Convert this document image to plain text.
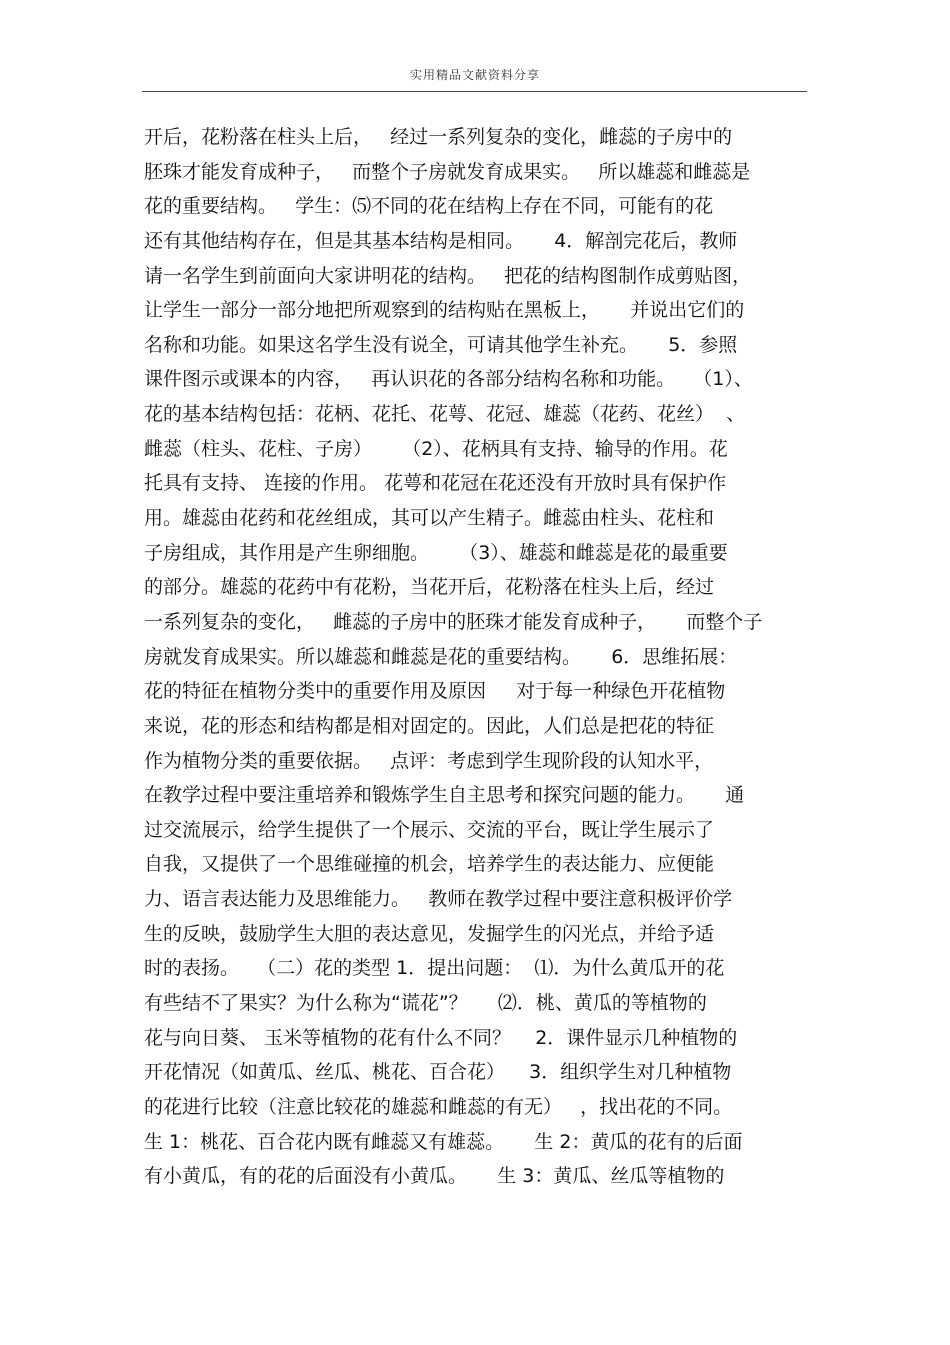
实用精品文献资料分享
开后，花粉落在柱头上后，   经过一系列复杂的变化，雌蕊的子房中的
胚珠才能发育成种子，   而整个子房就发育成果实。   所以雄蕊和雌蕊是
花的重要结构。   学生：⑸不同的花在结构上存在不同，可能有的花
还有其他结构存在，但是其基本结构是相同。     4．解剖完花后，教师
请一名学生到前面向大家讲明花的结构。   把花的结构图制作成剪贴图，
让学生一部分一部分地把所观察到的结构贴在黑板上，     并说出它们的
名称和功能。如果这名学生没有说全，可请其他学生补充。     5．参照
课件图示或课本的内容，   再认识花的各部分结构名称和功能。   （1）、
花的基本结构包括：花柄、花托、花萼、花冠、雄蕊（花药、花丝）  、
雌蕊（柱头、花柱、子房）     （2）、花柄具有支持、输导的作用。花
托具有支持、 连接的作用。 花萼和花冠在花还没有开放时具有保护作
用。雄蕊由花药和花丝组成，其可以产生精子。雌蕊由柱头、花柱和
子房组成，其作用是产生卵细胞。     （3）、雄蕊和雌蕊是花的最重要
的部分。雄蕊的花药中有花粉，当花开后，花粉落在柱头上后，经过
一系列复杂的变化，   雌蕊的子房中的胚珠才能发育成种子，     而整个子
房就发育成果实。所以雄蕊和雌蕊是花的重要结构。     6．思维拓展：
花的特征在植物分类中的重要作用及原因     对于每一种绿色开花植物
来说，花的形态和结构都是相对固定的。因此，人们总是把花的特征
作为植物分类的重要依据。   点评：考虑到学生现阶段的认知水平，
在教学过程中要注重培养和锻炼学生自主思考和探究问题的能力。     通
过交流展示，给学生提供了一个展示、交流的平台，既让学生展示了
自我，又提供了一个思维碰撞的机会，培养学生的表达能力、应便能
力、语言表达能力及思维能力。   教师在教学过程中要注意积极评价学
生的反映，鼓励学生大胆的表达意见，发掘学生的闪光点，并给予适
时的表扬。   （二）花的类型 1．提出问题：  ⑴．为什么黄瓜开的花
有些结不了果实？为什么称为“谎花”？     ⑵．桃、黄瓜的等植物的
花与向日葵、 玉米等植物的花有什么不同？    2．课件显示几种植物的
开花情况（如黄瓜、丝瓜、桃花、百合花）    3．组织学生对几种植物
的花进行比较（注意比较花的雄蕊和雌蕊的有无）   ，找出花的不同。
生 1：桃花、百合花内既有雌蕊又有雄蕊。     生 2：黄瓜的花有的后面
有小黄瓜，有的花的后面没有小黄瓜。     生 3：黄瓜、丝瓜等植物的
